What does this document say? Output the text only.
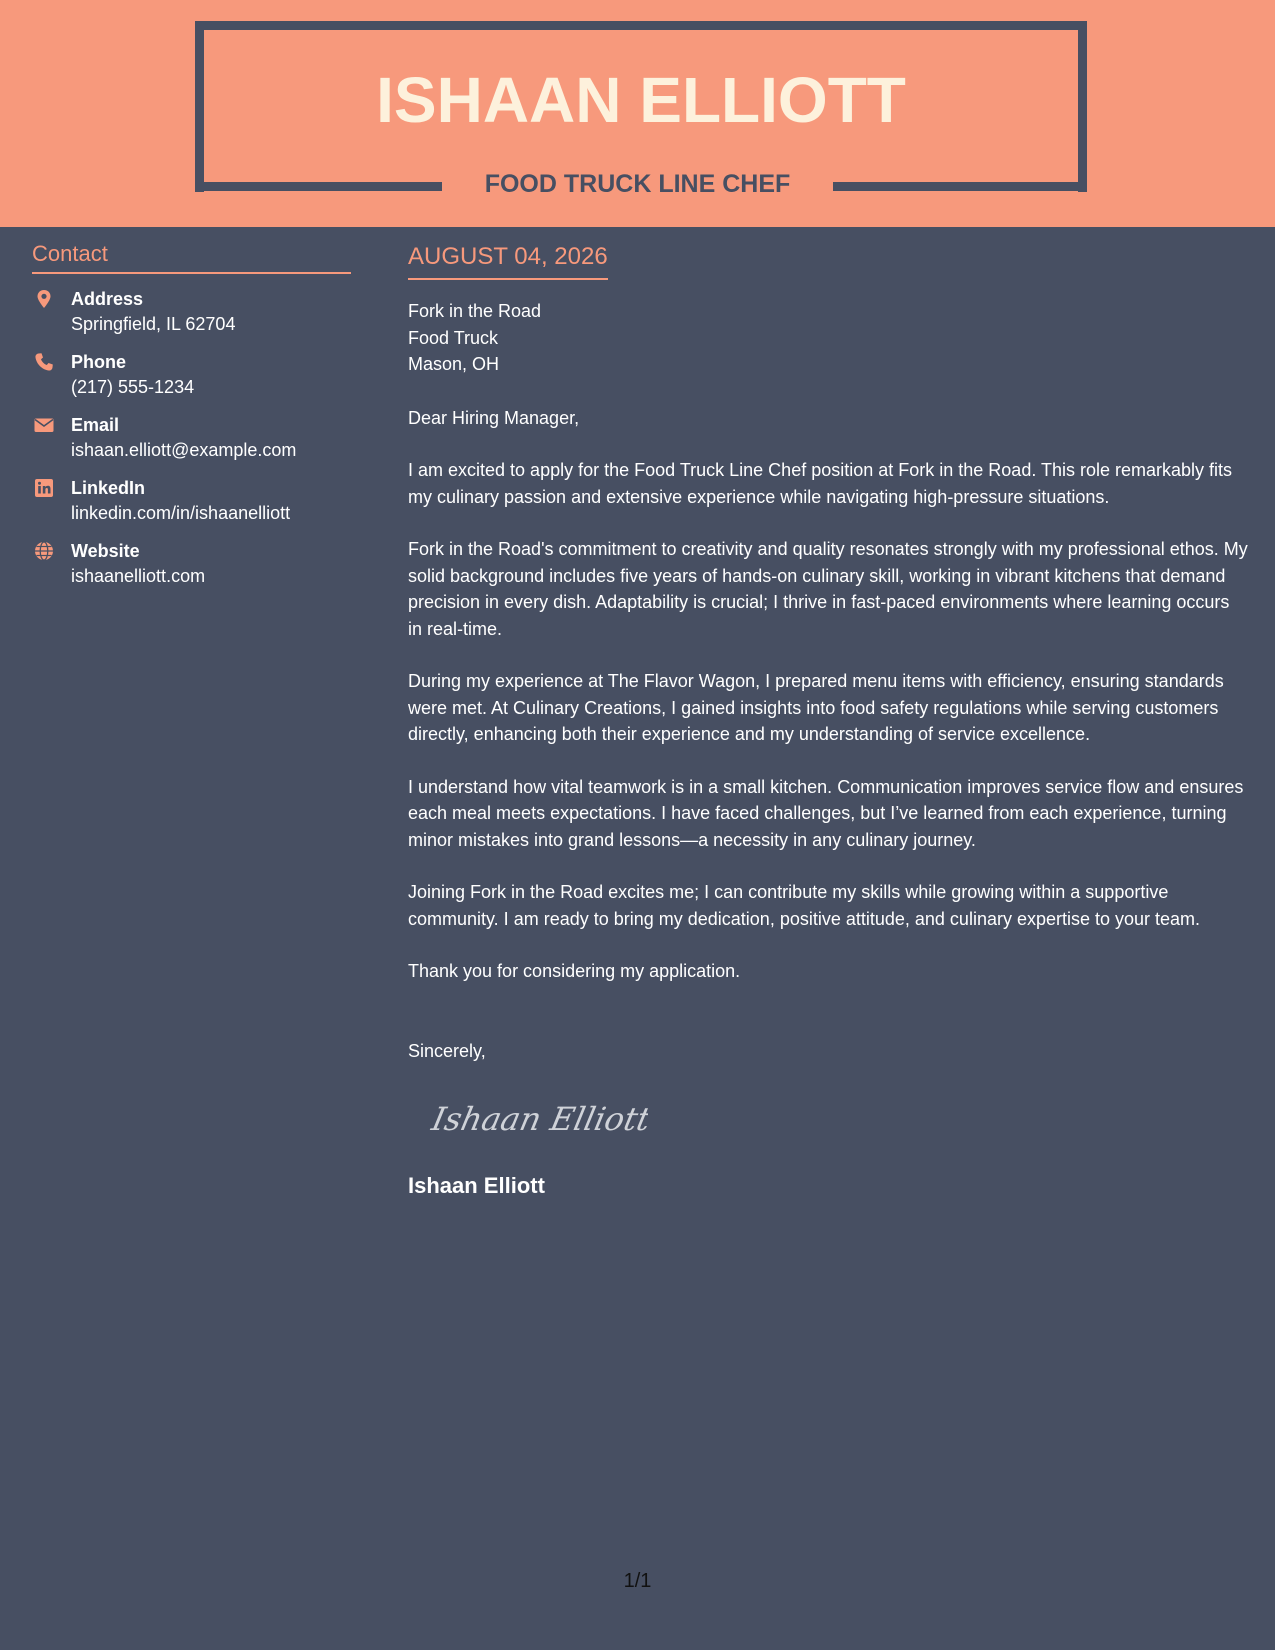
ISHAAN ELLIOTT
FOOD TRUCK LINE CHEF
Contact
Address
Springfield, IL 62704
Phone
(217) 555-1234
Email
ishaan.elliott@example.com
LinkedIn
linkedin.com/in/ishaanelliott
Website
ishaanelliott.com
AUGUST 04, 2026
Fork in the Road
Food Truck
Mason, OH

Dear Hiring Manager,

I am excited to apply for the Food Truck Line Chef position at Fork in the Road. This role remarkably fits my culinary passion and extensive experience while navigating high-pressure situations.

Fork in the Road's commitment to creativity and quality resonates strongly with my professional ethos. My solid background includes five years of hands-on culinary skill, working in vibrant kitchens that demand precision in every dish. Adaptability is crucial; I thrive in fast-paced environments where learning occurs in real-time.

During my experience at The Flavor Wagon, I prepared menu items with efficiency, ensuring standards were met. At Culinary Creations, I gained insights into food safety regulations while serving customers directly, enhancing both their experience and my understanding of service excellence.

I understand how vital teamwork is in a small kitchen. Communication improves service flow and ensures each meal meets expectations. I have faced challenges, but I’ve learned from each experience, turning minor mistakes into grand lessons—a necessity in any culinary journey.

Joining Fork in the Road excites me; I can contribute my skills while growing within a supportive community. I am ready to bring my dedication, positive attitude, and culinary expertise to your team.

Thank you for considering my application.

Sincerely,

Ishaan Elliott
Ishaan Elliott
1/1
